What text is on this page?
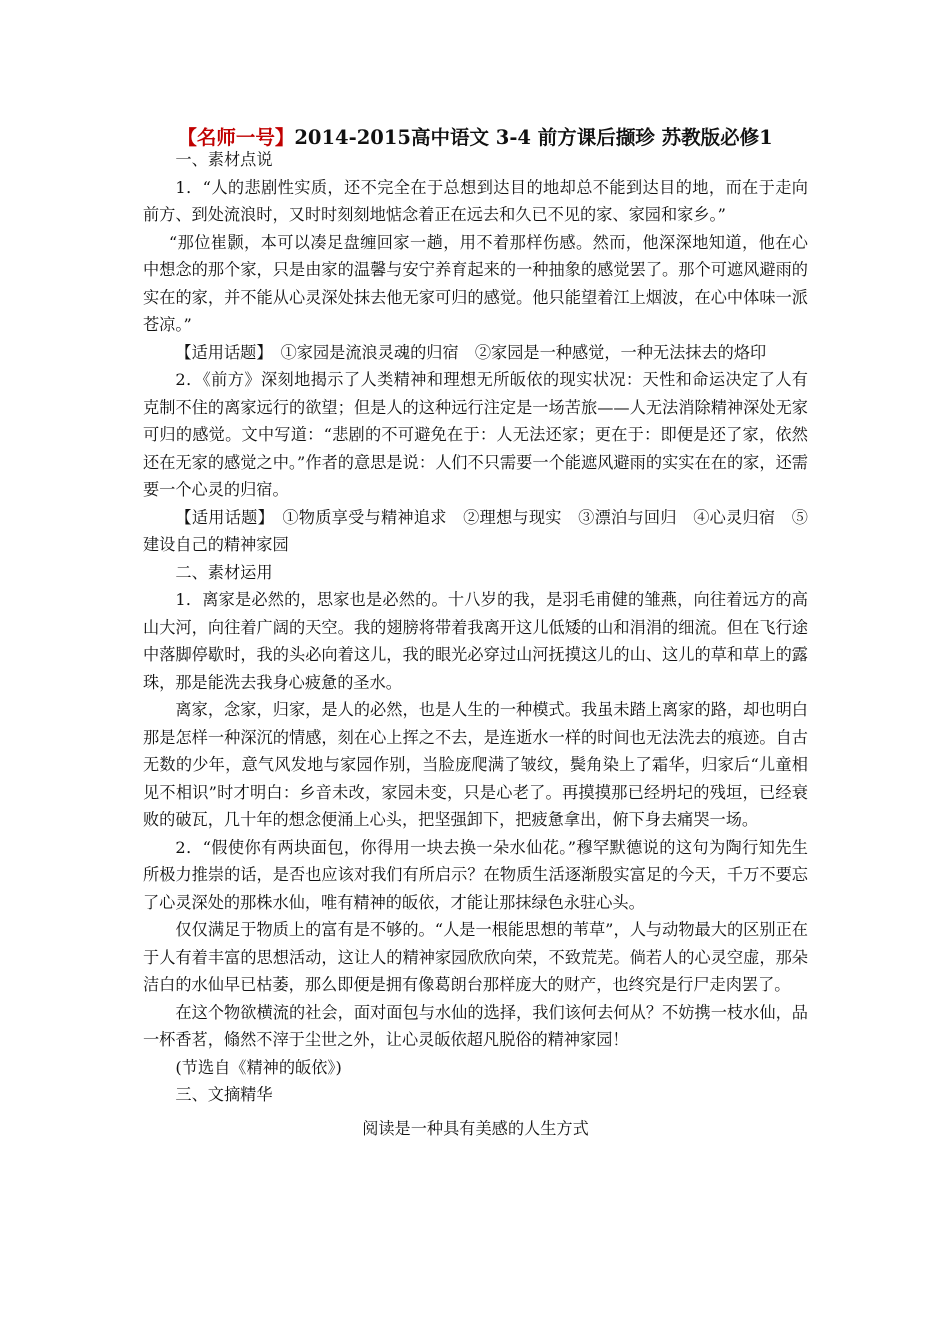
【名师一号】2014-2015高中语文 3-4 前方课后撷珍 苏教版必修1

一、素材点说

1．“人的悲剧性实质，还不完全在于总想到达目的地却总不能到达目的地，而在于走向前方、到处流浪时，又时时刻刻地惦念着正在远去和久已不见的家、家园和家乡。”

“那位崔颢，本可以凑足盘缠回家一趟，用不着那样伤感。然而，他深深地知道，他在心中想念的那个家，只是由家的温馨与安宁养育起来的一种抽象的感觉罢了。那个可遮风避雨的实在的家，并不能从心灵深处抹去他无家可归的感觉。他只能望着江上烟波，在心中体味一派苍凉。”

【适用话题】　①家园是流浪灵魂的归宿　②家园是一种感觉，一种无法抹去的烙印

2．《前方》深刻地揭示了人类精神和理想无所皈依的现实状况：天性和命运决定了人有克制不住的离家远行的欲望；但是人的这种远行注定是一场苦旅——人无法消除精神深处无家可归的感觉。文中写道：“悲剧的不可避免在于：人无法还家；更在于：即便是还了家，依然还在无家的感觉之中。”作者的意思是说：人们不只需要一个能遮风避雨的实实在在的家，还需要一个心灵的归宿。

【适用话题】　①物质享受与精神追求　②理想与现实　③漂泊与回归　④心灵归宿　⑤建设自己的精神家园

二、素材运用

1．离家是必然的，思家也是必然的。十八岁的我，是羽毛甫健的雏燕，向往着远方的高山大河，向往着广阔的天空。我的翅膀将带着我离开这儿低矮的山和涓涓的细流。但在飞行途中落脚停歇时，我的头必向着这儿，我的眼光必穿过山河抚摸这儿的山、这儿的草和草上的露珠，那是能洗去我身心疲惫的圣水。

离家，念家，归家，是人的必然，也是人生的一种模式。我虽未踏上离家的路，却也明白那是怎样一种深沉的情感，刻在心上挥之不去，是连逝水一样的时间也无法洗去的痕迹。自古无数的少年，意气风发地与家园作别，当脸庞爬满了皱纹，鬓角染上了霜华，归家后“儿童相见不相识”时才明白：乡音未改，家园未变，只是心老了。再摸摸那已经坍圮的残垣，已经衰败的破瓦，几十年的想念便涌上心头，把坚强卸下，把疲惫拿出，俯下身去痛哭一场。

2．“假使你有两块面包，你得用一块去换一朵水仙花。”穆罕默德说的这句为陶行知先生所极力推崇的话，是否也应该对我们有所启示？在物质生活逐渐殷实富足的今天，千万不要忘了心灵深处的那株水仙，唯有精神的皈依，才能让那抹绿色永驻心头。

仅仅满足于物质上的富有是不够的。“人是一根能思想的苇草”，人与动物最大的区别正在于人有着丰富的思想活动，这让人的精神家园欣欣向荣，不致荒芜。倘若人的心灵空虚，那朵洁白的水仙早已枯萎，那么即便是拥有像葛朗台那样庞大的财产，也终究是行尸走肉罢了。

在这个物欲横流的社会，面对面包与水仙的选择，我们该何去何从？不妨携一枝水仙，品一杯香茗，翛然不滓于尘世之外，让心灵皈依超凡脱俗的精神家园！

(节选自《精神的皈依》)

三、文摘精华

阅读是一种具有美感的人生方式
